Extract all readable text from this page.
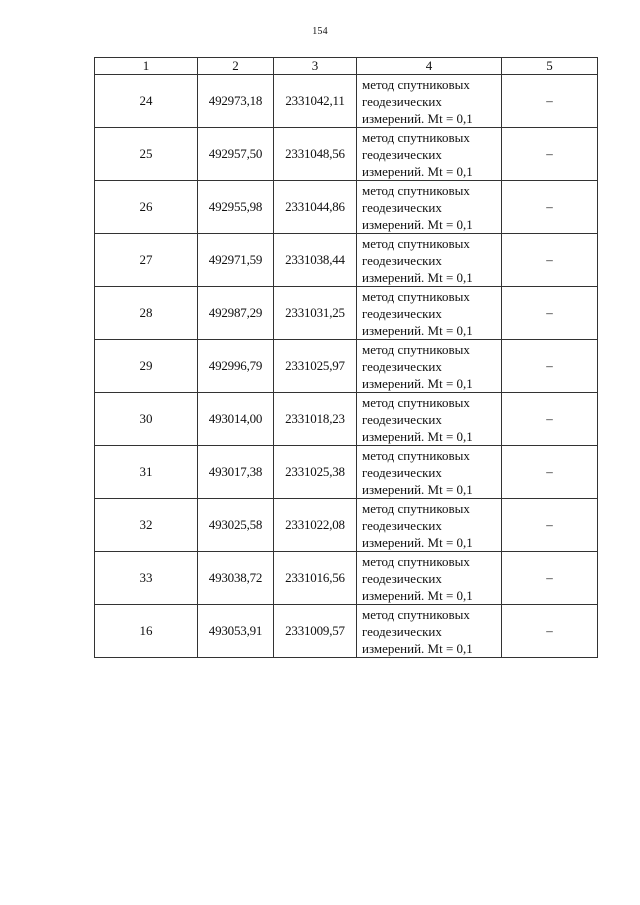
154
1	2	3	4	5
24	492973,18	2331042,11	метод спутниковых
геодезических
измерений. Mt = 0,1	–
25	492957,50	2331048,56	метод спутниковых
геодезических
измерений. Mt = 0,1	–
26	492955,98	2331044,86	метод спутниковых
геодезических
измерений. Mt = 0,1	–
27	492971,59	2331038,44	метод спутниковых
геодезических
измерений. Mt = 0,1	–
28	492987,29	2331031,25	метод спутниковых
геодезических
измерений. Mt = 0,1	–
29	492996,79	2331025,97	метод спутниковых
геодезических
измерений. Mt = 0,1	–
30	493014,00	2331018,23	метод спутниковых
геодезических
измерений. Mt = 0,1	–
31	493017,38	2331025,38	метод спутниковых
геодезических
измерений. Mt = 0,1	–
32	493025,58	2331022,08	метод спутниковых
геодезических
измерений. Mt = 0,1	–
33	493038,72	2331016,56	метод спутниковых
геодезических
измерений. Mt = 0,1	–
16	493053,91	2331009,57	метод спутниковых
геодезических
измерений. Mt = 0,1	–
